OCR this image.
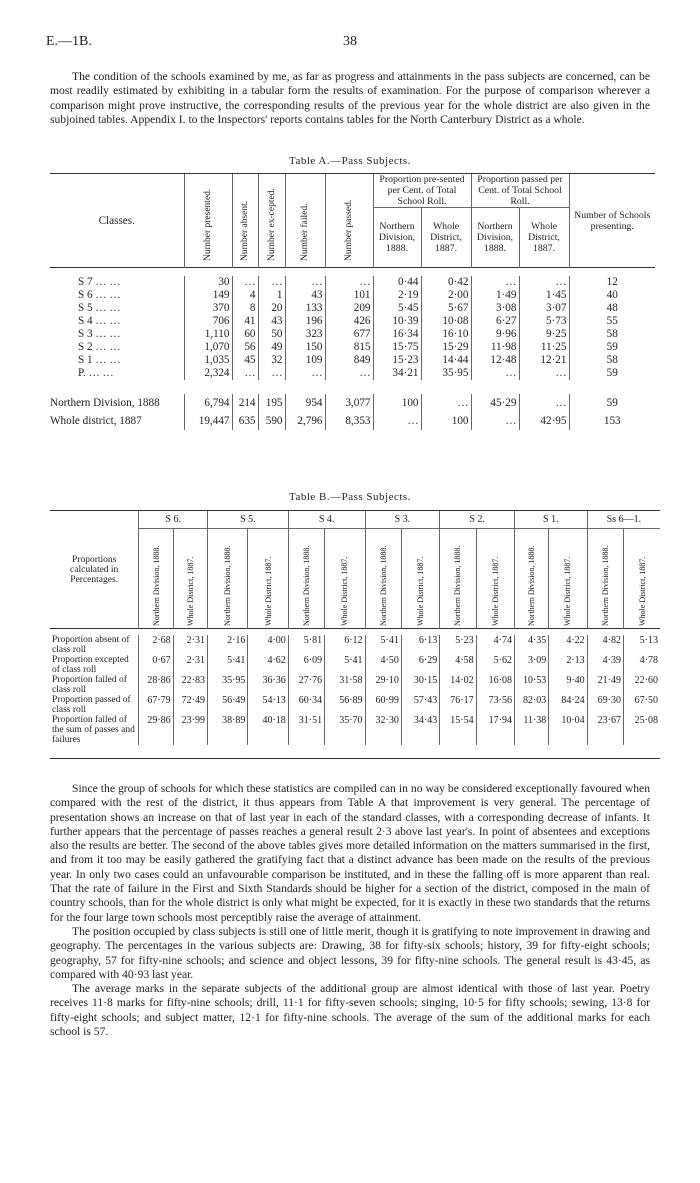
E.—1B.	38

The condition of the schools examined by me, as far as progress and attainments in the pass subjects are concerned, can be most readily estimated by exhibiting in a tabular form the results of examination. For the purpose of comparison wherever a comparison might prove instructive, the corresponding results of the previous year for the whole district are also given in the subjoined tables. Appendix I. to the Inspectors' reports contains tables for the North Canterbury District as a whole.

Table A.—Pass Subjects.
Classes.	Number presented.	Number absent.	Number ex-cepted.	Number failed.	Number passed.	Proportion pre-sented per Cent. of Total School Roll.		Proportion passed per Cent. of Total School Roll.		Number of Schools presenting.
						Northern Division, 1888.	Whole District, 1887.	Northern Division, 1888.	Whole District, 1887.	

S 7 … …	30	…	…	…	…	0·44	0·42	…	…	12
S 6 … …	149	4	1	43	101	2·19	2·00	1·49	1·45	40
S 5 … …	370	8	20	133	209	5·45	5·67	3·08	3·07	48
S 4 … …	706	41	43	196	426	10·39	10·08	6·27	5·73	55
S 3 … …	1,110	60	50	323	677	16·34	16·10	9·96	9·25	58
S 2 … …	1,070	56	49	150	815	15·75	15·29	11·98	11·25	59
S 1 … …	1,035	45	32	109	849	15·23	14·44	12·48	12·21	58
P. … …	2,324	…	…	…	…	34·21	35·95	…	…	59

Northern Division, 1888	6,794	214	195	954	3,077	100	…	45·29	…	59
Whole district, 1887	19,447	635	590	2,796	8,353	…	100	…	42·95	153
Table B.—Pass Subjects.
Proportions calculated in Percentages.	S 6.		S 5.		S 4.		S 3.		S 2.		S 1.		Ss 6—1.	

	Northern Division, 1888.	Whole District, 1887.	Northern Division, 1888.	Whole District, 1887.	Northern Division, 1888.	Whole District, 1887.	Northern Division, 1888.	Whole District, 1887.	Northern Division, 1888.	Whole District, 1887.	Northern Division, 1888.	Whole District, 1887.	Northern Division, 1888.	Whole District, 1887.

Proportion absent of class roll	2·68	2·31	2·16	4·00	5·81	6·12	5·41	6·13	5·23	4·74	4·35	4·22	4·82	5·13
Proportion excepted of class roll	0·67	2·31	5·41	4·62	6·09	5·41	4·50	6·29	4·58	5·62	3·09	2·13	4·39	4·78
Proportion failed of class roll	28·86	22·83	35·95	36·36	27·76	31·58	29·10	30·15	14·02	16·08	10·53	9·40	21·49	22·60
Proportion passed of class roll	67·79	72·49	56·49	54·13	60·34	56·89	60·99	57·43	76·17	73·56	82·03	84·24	69·30	67·50
Proportion failed of the sum of passes and failures	29·86	23·99	38·89	40·18	31·51	35·70	32·30	34·43	15·54	17·94	11·38	10·04	23·67	25·08

Since the group of schools for which these statistics are compiled can in no way be considered exceptionally favoured when compared with the rest of the district, it thus appears from Table A that improvement is very general. The percentage of presentation shows an increase on that of last year in each of the standard classes, with a corresponding decrease of infants. It further appears that the percentage of passes reaches a general result 2·3 above last year's. In point of absentees and exceptions also the results are better. The second of the above tables gives more detailed information on the matters summarised in the first, and from it too may be easily gathered the gratifying fact that a distinct advance has been made on the results of the previous year. In only two cases could an unfavourable comparison be instituted, and in these the falling off is more apparent than real. That the rate of failure in the First and Sixth Standards should be higher for a section of the district, composed in the main of country schools, than for the whole district is only what might be expected, for it is exactly in these two standards that the returns for the four large town schools most perceptibly raise the average of attainment.

The position occupied by class subjects is still one of little merit, though it is gratifying to note improvement in drawing and geography. The percentages in the various subjects are: Drawing, 38 for fifty-six schools; history, 39 for fifty-eight schools; geography, 57 for fifty-nine schools; and science and object lessons, 39 for fifty-nine schools. The general result is 43·45, as compared with 40·93 last year.

The average marks in the separate subjects of the additional group are almost identical with those of last year. Poetry receives 11·8 marks for fifty-nine schools; drill, 11·1 for fifty-seven schools; singing, 10·5 for fifty schools; sewing, 13·8 for fifty-eight schools; and subject matter, 12·1 for fifty-nine schools. The average of the sum of the additional marks for each school is 57.
